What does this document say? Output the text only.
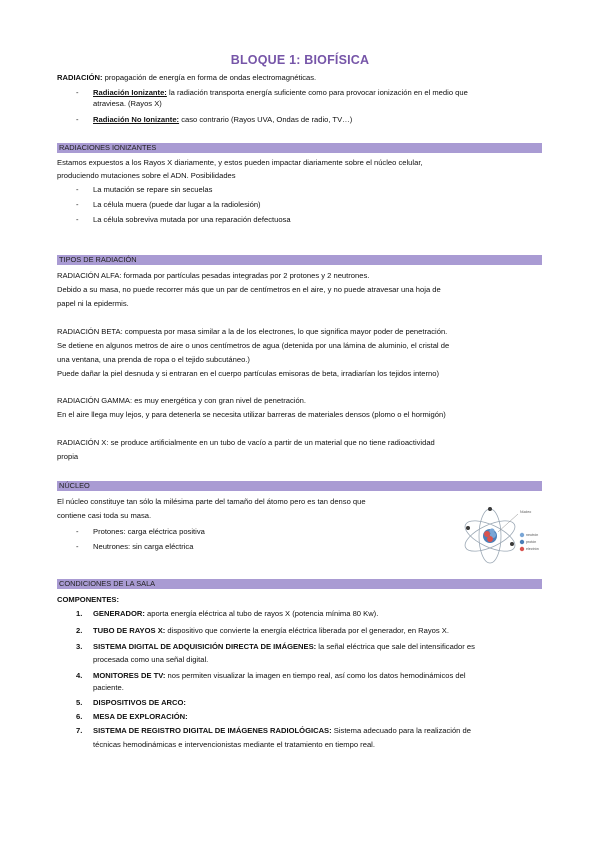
BLOQUE 1: BIOFÍSICA
RADIACIÓN: propagación de energía en forma de ondas electromagnéticas.
- Radiación Ionizante: la radiación transporta energía suficiente como para provocar ionización en el medio que
atraviesa. (Rayos X)
- Radiación No Ionizante: caso contrario (Rayos UVA, Ondas de radio, TV…)
RADIACIONES IONIZANTES
Estamos expuestos a los Rayos X diariamente, y estos pueden impactar diariamente sobre el núcleo celular,
produciendo mutaciones sobre el ADN. Posibilidades
- La mutación se repare sin secuelas
- La célula muera (puede dar lugar a la radiolesión)
- La célula sobreviva mutada por una reparación defectuosa
TIPOS DE RADIACIÓN
RADIACIÓN ALFA: formada por partículas pesadas integradas por 2 protones y 2 neutrones.
Debido a su masa, no puede recorrer más que un par de centímetros en el aire, y no puede atravesar una hoja de
papel ni la epidermis.
RADIACIÓN BETA: compuesta por masa similar a la de los electrones, lo que significa mayor poder de penetración.
Se detiene en algunos metros de aire o unos centímetros de agua (detenida por una lámina de aluminio, el cristal de
una ventana, una prenda de ropa o el tejido subcutáneo.)
Puede dañar la piel desnuda y si entraran en el cuerpo partículas emisoras de beta, irradiarían los tejidos interno)
RADIACIÓN GAMMA: es muy energética y con gran nivel de penetración.
En el aire llega muy lejos, y para detenerla se necesita utilizar barreras de materiales densos (plomo o el hormigón)
RADIACIÓN X: se produce artificialmente en un tubo de vacío a partir de un material que no tiene radioactividad
propia
NÚCLEO
El núcleo constituye tan sólo la milésima parte del tamaño del átomo pero es tan denso que
contiene casi toda su masa.
- Protones: carga eléctrica positiva
- Neutrones: sin carga eléctrica
Núcleo
neutrón
protón
electrón
CONDICIONES DE LA SALA
COMPONENTES:
1. GENERADOR: aporta energía eléctrica al tubo de rayos X (potencia mínima 80 Kw).
2. TUBO DE RAYOS X: dispositivo que convierte la energía eléctrica liberada por el generador, en Rayos X.
3. SISTEMA DIGITAL DE ADQUISICIÓN DIRECTA DE IMÁGENES: la señal eléctrica que sale del intensificador es
procesada como una señal digital.
4. MONITORES DE TV: nos permiten visualizar la imagen en tiempo real, así como los datos hemodinámicos del
paciente.
5. DISPOSITIVOS DE ARCO:
6. MESA DE EXPLORACIÓN:
7. SISTEMA DE REGISTRO DIGITAL DE IMÁGENES RADIOLÓGICAS: Sistema adecuado para la realización de
técnicas hemodinámicas e intervencionistas mediante el tratamiento en tiempo real.
